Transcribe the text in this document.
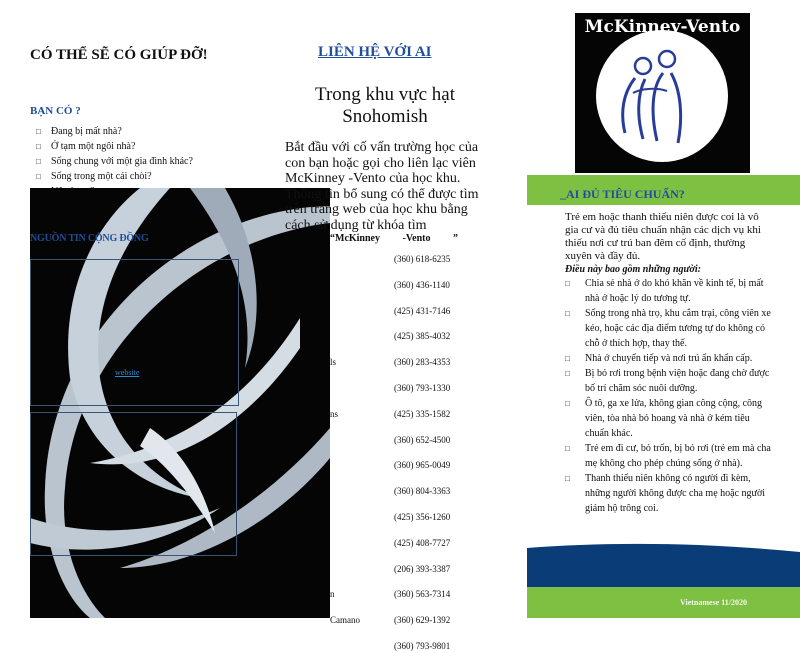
CÓ THỂ SẼ CÓ GIÚP ĐỠ!
BẠN CÓ ?
□ Đang bị mất nhà?
□ Ở tạm một ngôi nhà?
□ Sống chung với một gia đình khác?
□ Sống trong một cái chòi?
□
NGUỒN TIN CỘNG ĐỒNG
website
LIÊN HỆ VỚI AI
Trong khu vực hạt Snohomish
Bắt đầu với cố vấn trường học của con bạn hoặc gọi cho liên lạc viên McKinney -Vento của học khu. Thông tin bổ sung có thể được tìm trên trang web của học khu bằng cách sử dụng từ khóa tìm
“McKinney -Vento ”
(360) 618-6235
(360) 436-1140
(425) 431-7146
(425) 385-4032
ls	(360) 283-4353
(360) 793-1330
ns	(425) 335-1582
(360) 652-4500
(360) 965-0049
(360) 804-3363
(425) 356-1260
(425) 408-7727
(206) 393-3387
n	(360) 563-7314
Camano	(360) 629-1392
(360) 793-9801
McKinney-Vento
_AI ĐỦ TIÊU CHUẨN?
Trẻ em hoặc thanh thiếu niên được coi là vô gia cư và đủ tiêu chuẩn nhận các dịch vụ khi thiếu nơi cư trú ban đêm cố định, thường xuyên và đầy đủ.
Điều này bao gồm những người:
□ Chia sẻ nhà ở do khó khăn về kinh tế, bị mất nhà ở hoặc lý do tương tự.
□ Sống trong nhà trọ, khu cắm trại, công viên xe kéo, hoặc các địa điểm tương tự do không có chỗ ở thích hợp, thay thế.
□ Nhà ở chuyển tiếp và nơi trú ẩn khẩn cấp.
□ Bị bỏ rơi trong bệnh viện hoặc đang chờ được bố trí chăm sóc nuôi dưỡng.
□ Ô tô, ga xe lửa, không gian công cộng, công viên, tòa nhà bỏ hoang và nhà ở kém tiêu chuẩn khác.
□ Trẻ em đi cư, bỏ trốn, bị bỏ rơi (trẻ em mà cha mẹ không cho phép chúng sống ở nhà).
□ Thanh thiếu niên không có người đi kèm, những người không được cha mẹ hoặc người giám hộ trông coi.
Vietnamese 11/2020
